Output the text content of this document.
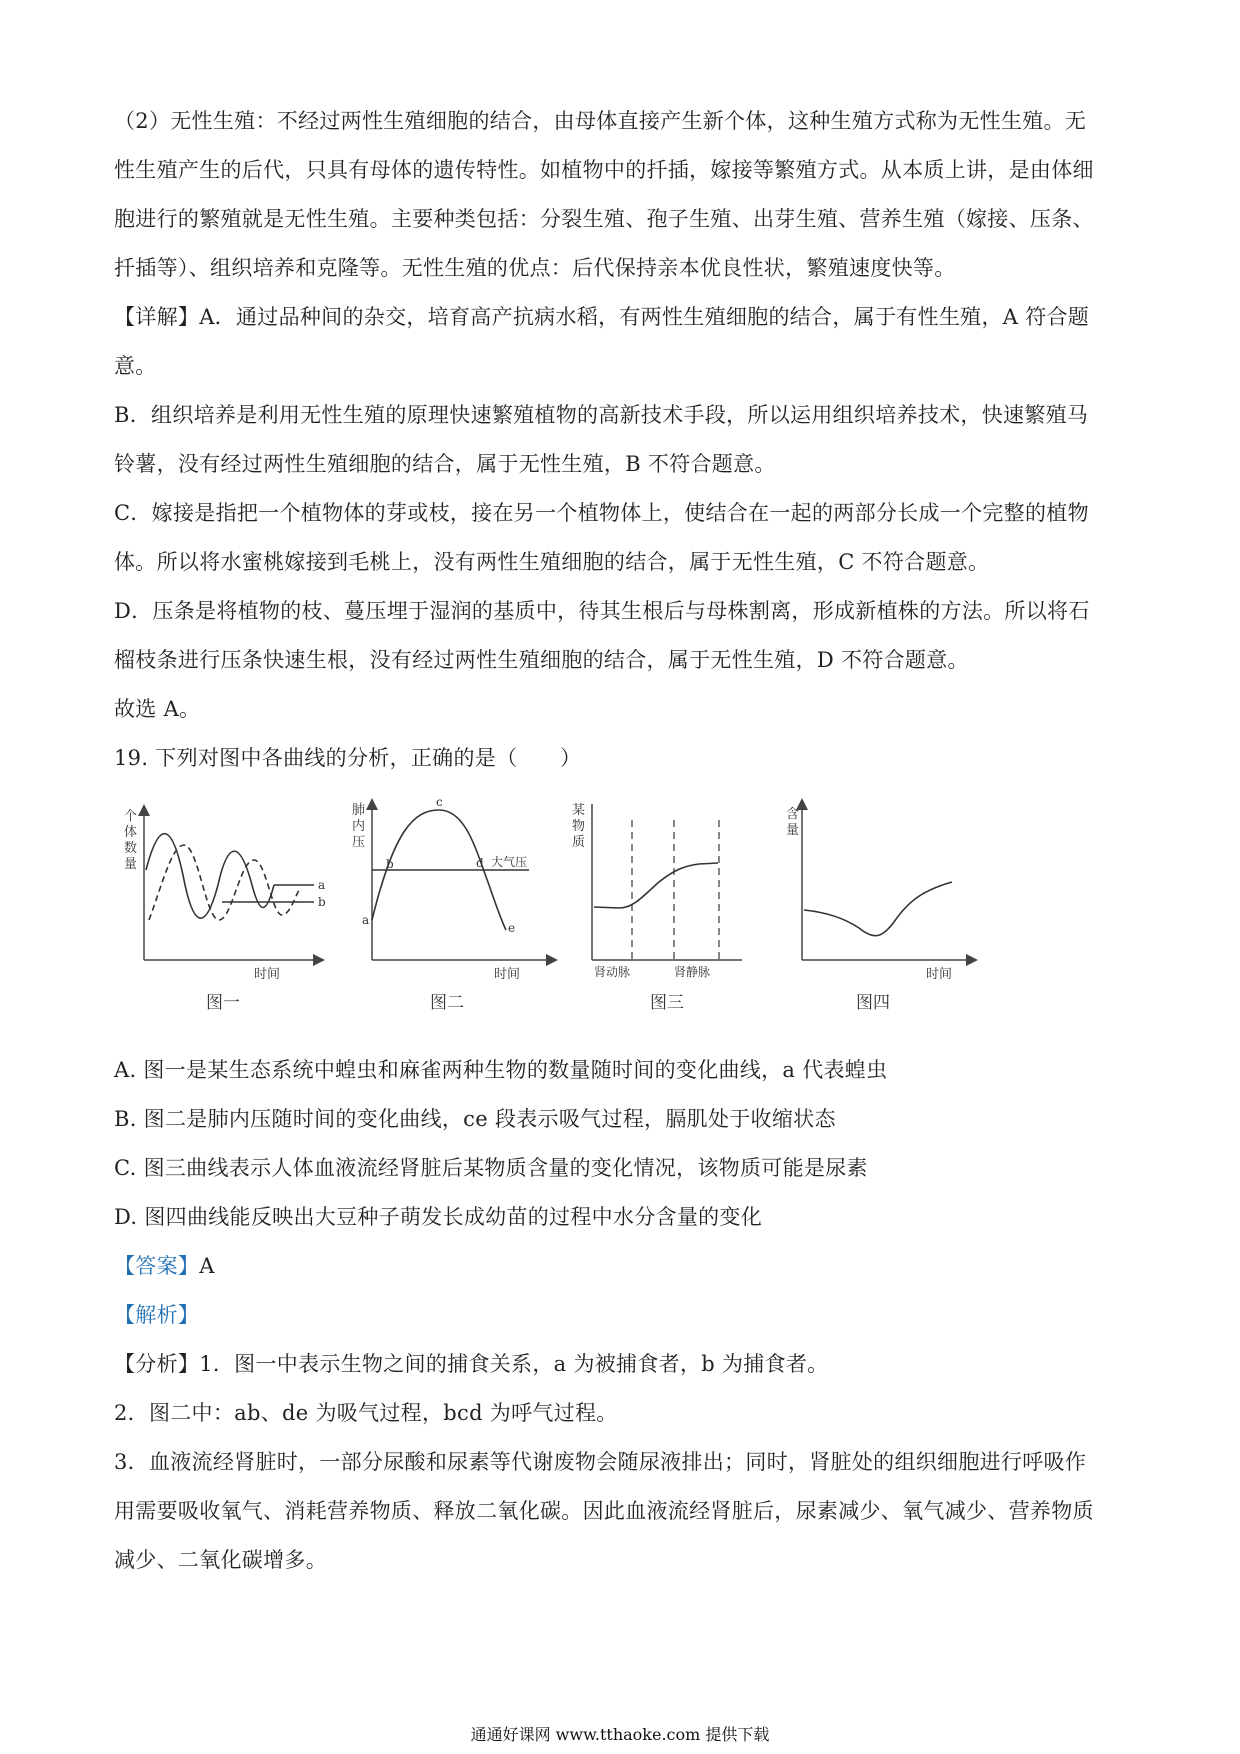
（2）无性生殖：不经过两性生殖细胞的结合，由母体直接产生新个体，这种生殖方式称为无性生殖。无
性生殖产生的后代，只具有母体的遗传特性。如植物中的扦插，嫁接等繁殖方式。从本质上讲，是由体细
胞进行的繁殖就是无性生殖。主要种类包括：分裂生殖、孢子生殖、出芽生殖、营养生殖（嫁接、压条、
扦插等）、组织培养和克隆等。无性生殖的优点：后代保持亲本优良性状，繁殖速度快等。
【详解】A．通过品种间的杂交，培育高产抗病水稻，有两性生殖细胞的结合，属于有性生殖，A 符合题
意。
B．组织培养是利用无性生殖的原理快速繁殖植物的高新技术手段，所以运用组织培养技术，快速繁殖马
铃薯，没有经过两性生殖细胞的结合，属于无性生殖，B 不符合题意。
C．嫁接是指把一个植物体的芽或枝，接在另一个植物体上，使结合在一起的两部分长成一个完整的植物
体。所以将水蜜桃嫁接到毛桃上，没有两性生殖细胞的结合，属于无性生殖，C 不符合题意。
D．压条是将植物的枝、蔓压埋于湿润的基质中，待其生根后与母株割离，形成新植株的方法。所以将石
榴枝条进行压条快速生根，没有经过两性生殖细胞的结合，属于无性生殖，D 不符合题意。
故选 A。
19. 下列对图中各曲线的分析，正确的是（　　）
个
体
数
量
a
b
时间
图一
肺
内
压
a
b
c
d
e
大气压
时间
图二
某
物
质
肾动脉	肾静脉
图三
含
量
时间
图四
A. 图一是某生态系统中蝗虫和麻雀两种生物的数量随时间的变化曲线，a 代表蝗虫
B. 图二是肺内压随时间的变化曲线，ce 段表示吸气过程，膈肌处于收缩状态
C. 图三曲线表示人体血液流经肾脏后某物质含量的变化情况，该物质可能是尿素
D. 图四曲线能反映出大豆种子萌发长成幼苗的过程中水分含量的变化
【答案】A
【解析】
【分析】1．图一中表示生物之间的捕食关系，a 为被捕食者，b 为捕食者。
2．图二中：ab、de 为吸气过程，bcd 为呼气过程。
3．血液流经肾脏时，一部分尿酸和尿素等代谢废物会随尿液排出；同时，肾脏处的组织细胞进行呼吸作
用需要吸收氧气、消耗营养物质、释放二氧化碳。因此血液流经肾脏后，尿素减少、氧气减少、营养物质
减少、二氧化碳增多。
通通好课网 www.tthaoke.com 提供下载
